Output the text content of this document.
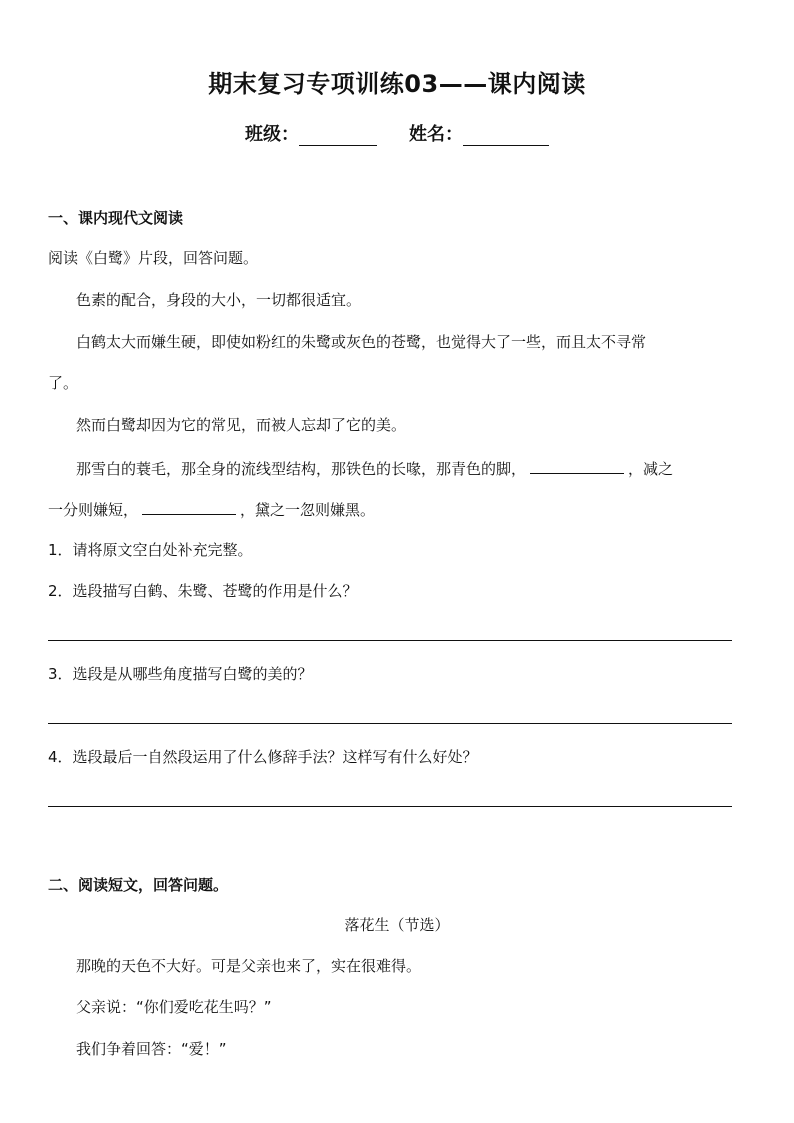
期末复习专项训练03——课内阅读
班级：	姓名：
一、课内现代文阅读
阅读《白鹭》片段，回答问题。
色素的配合，身段的大小，一切都很适宜。
白鹤太大而嫌生硬，即使如粉红的朱鹭或灰色的苍鹭，也觉得大了一些，而且太不寻常
了。
然而白鹭却因为它的常见，而被人忘却了它的美。
那雪白的蓑毛，那全身的流线型结构，那铁色的长喙，那青色的脚，	，减之
一分则嫌短，	，黛之一忽则嫌黑。
1．请将原文空白处补充完整。
2．选段描写白鹤、朱鹭、苍鹭的作用是什么？
3．选段是从哪些角度描写白鹭的美的？
4．选段最后一自然段运用了什么修辞手法？这样写有什么好处？
二、阅读短文，回答问题。
落花生（节选）
那晚的天色不大好。可是父亲也来了，实在很难得。
父亲说：“你们爱吃花生吗？”
我们争着回答：“爱！”
